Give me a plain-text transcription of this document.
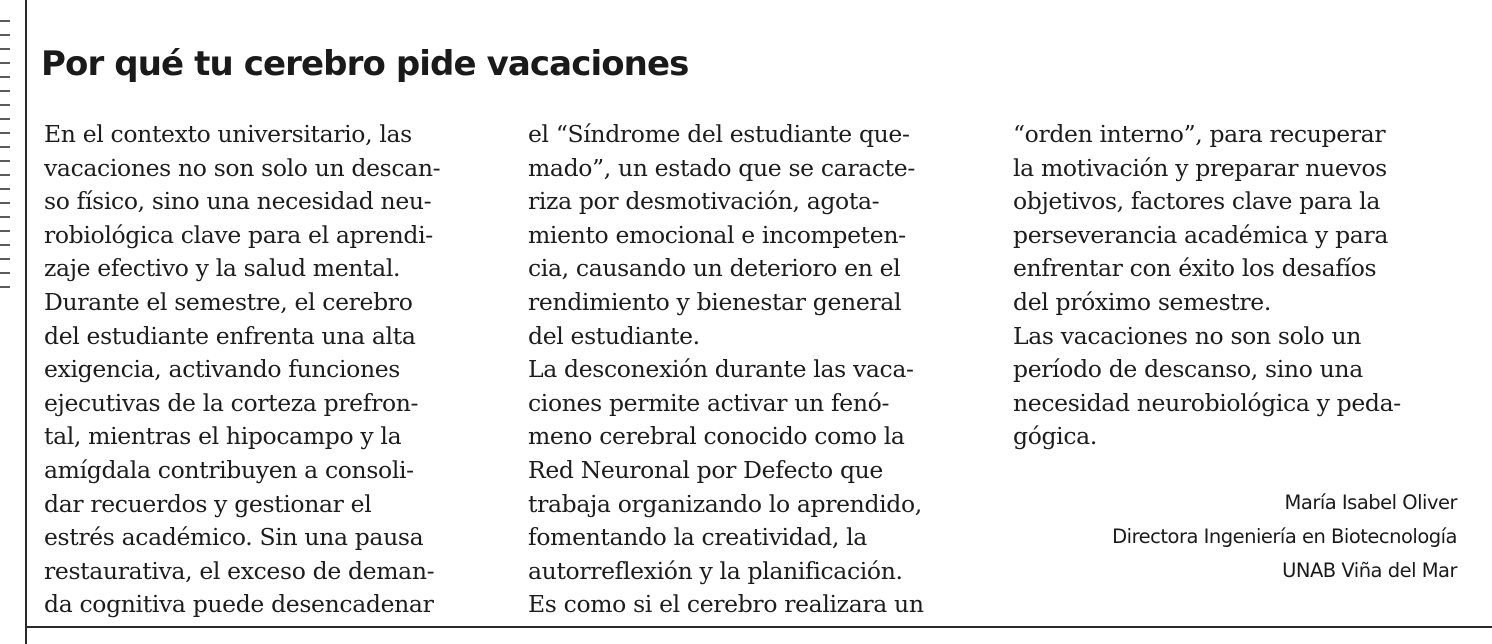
Por qué tu cerebro pide vacaciones
En el contexto universitario, las
vacaciones no son solo un descan-
so físico, sino una necesidad neu-
robiológica clave para el aprendi-
zaje efectivo y la salud mental.
Durante el semestre, el cerebro
del estudiante enfrenta una alta
exigencia, activando funciones
ejecutivas de la corteza prefron-
tal, mientras el hipocampo y la
amígdala contribuyen a consoli-
dar recuerdos y gestionar el
estrés académico. Sin una pausa
restaurativa, el exceso de deman-
da cognitiva puede desencadenar
el “Síndrome del estudiante que-
mado”, un estado que se caracte-
riza por desmotivación, agota-
miento emocional e incompeten-
cia, causando un deterioro en el
rendimiento y bienestar general
del estudiante.
La desconexión durante las vaca-
ciones permite activar un fenó-
meno cerebral conocido como la
Red Neuronal por Defecto que
trabaja organizando lo aprendido,
fomentando la creatividad, la
autorreflexión y la planificación.
Es como si el cerebro realizara un
“orden interno”, para recuperar
la motivación y preparar nuevos
objetivos, factores clave para la
perseverancia académica y para
enfrentar con éxito los desafíos
del próximo semestre.
Las vacaciones no son solo un
período de descanso, sino una
necesidad neurobiológica y peda-
gógica.
María Isabel Oliver
Directora Ingeniería en Biotecnología
UNAB Viña del Mar
